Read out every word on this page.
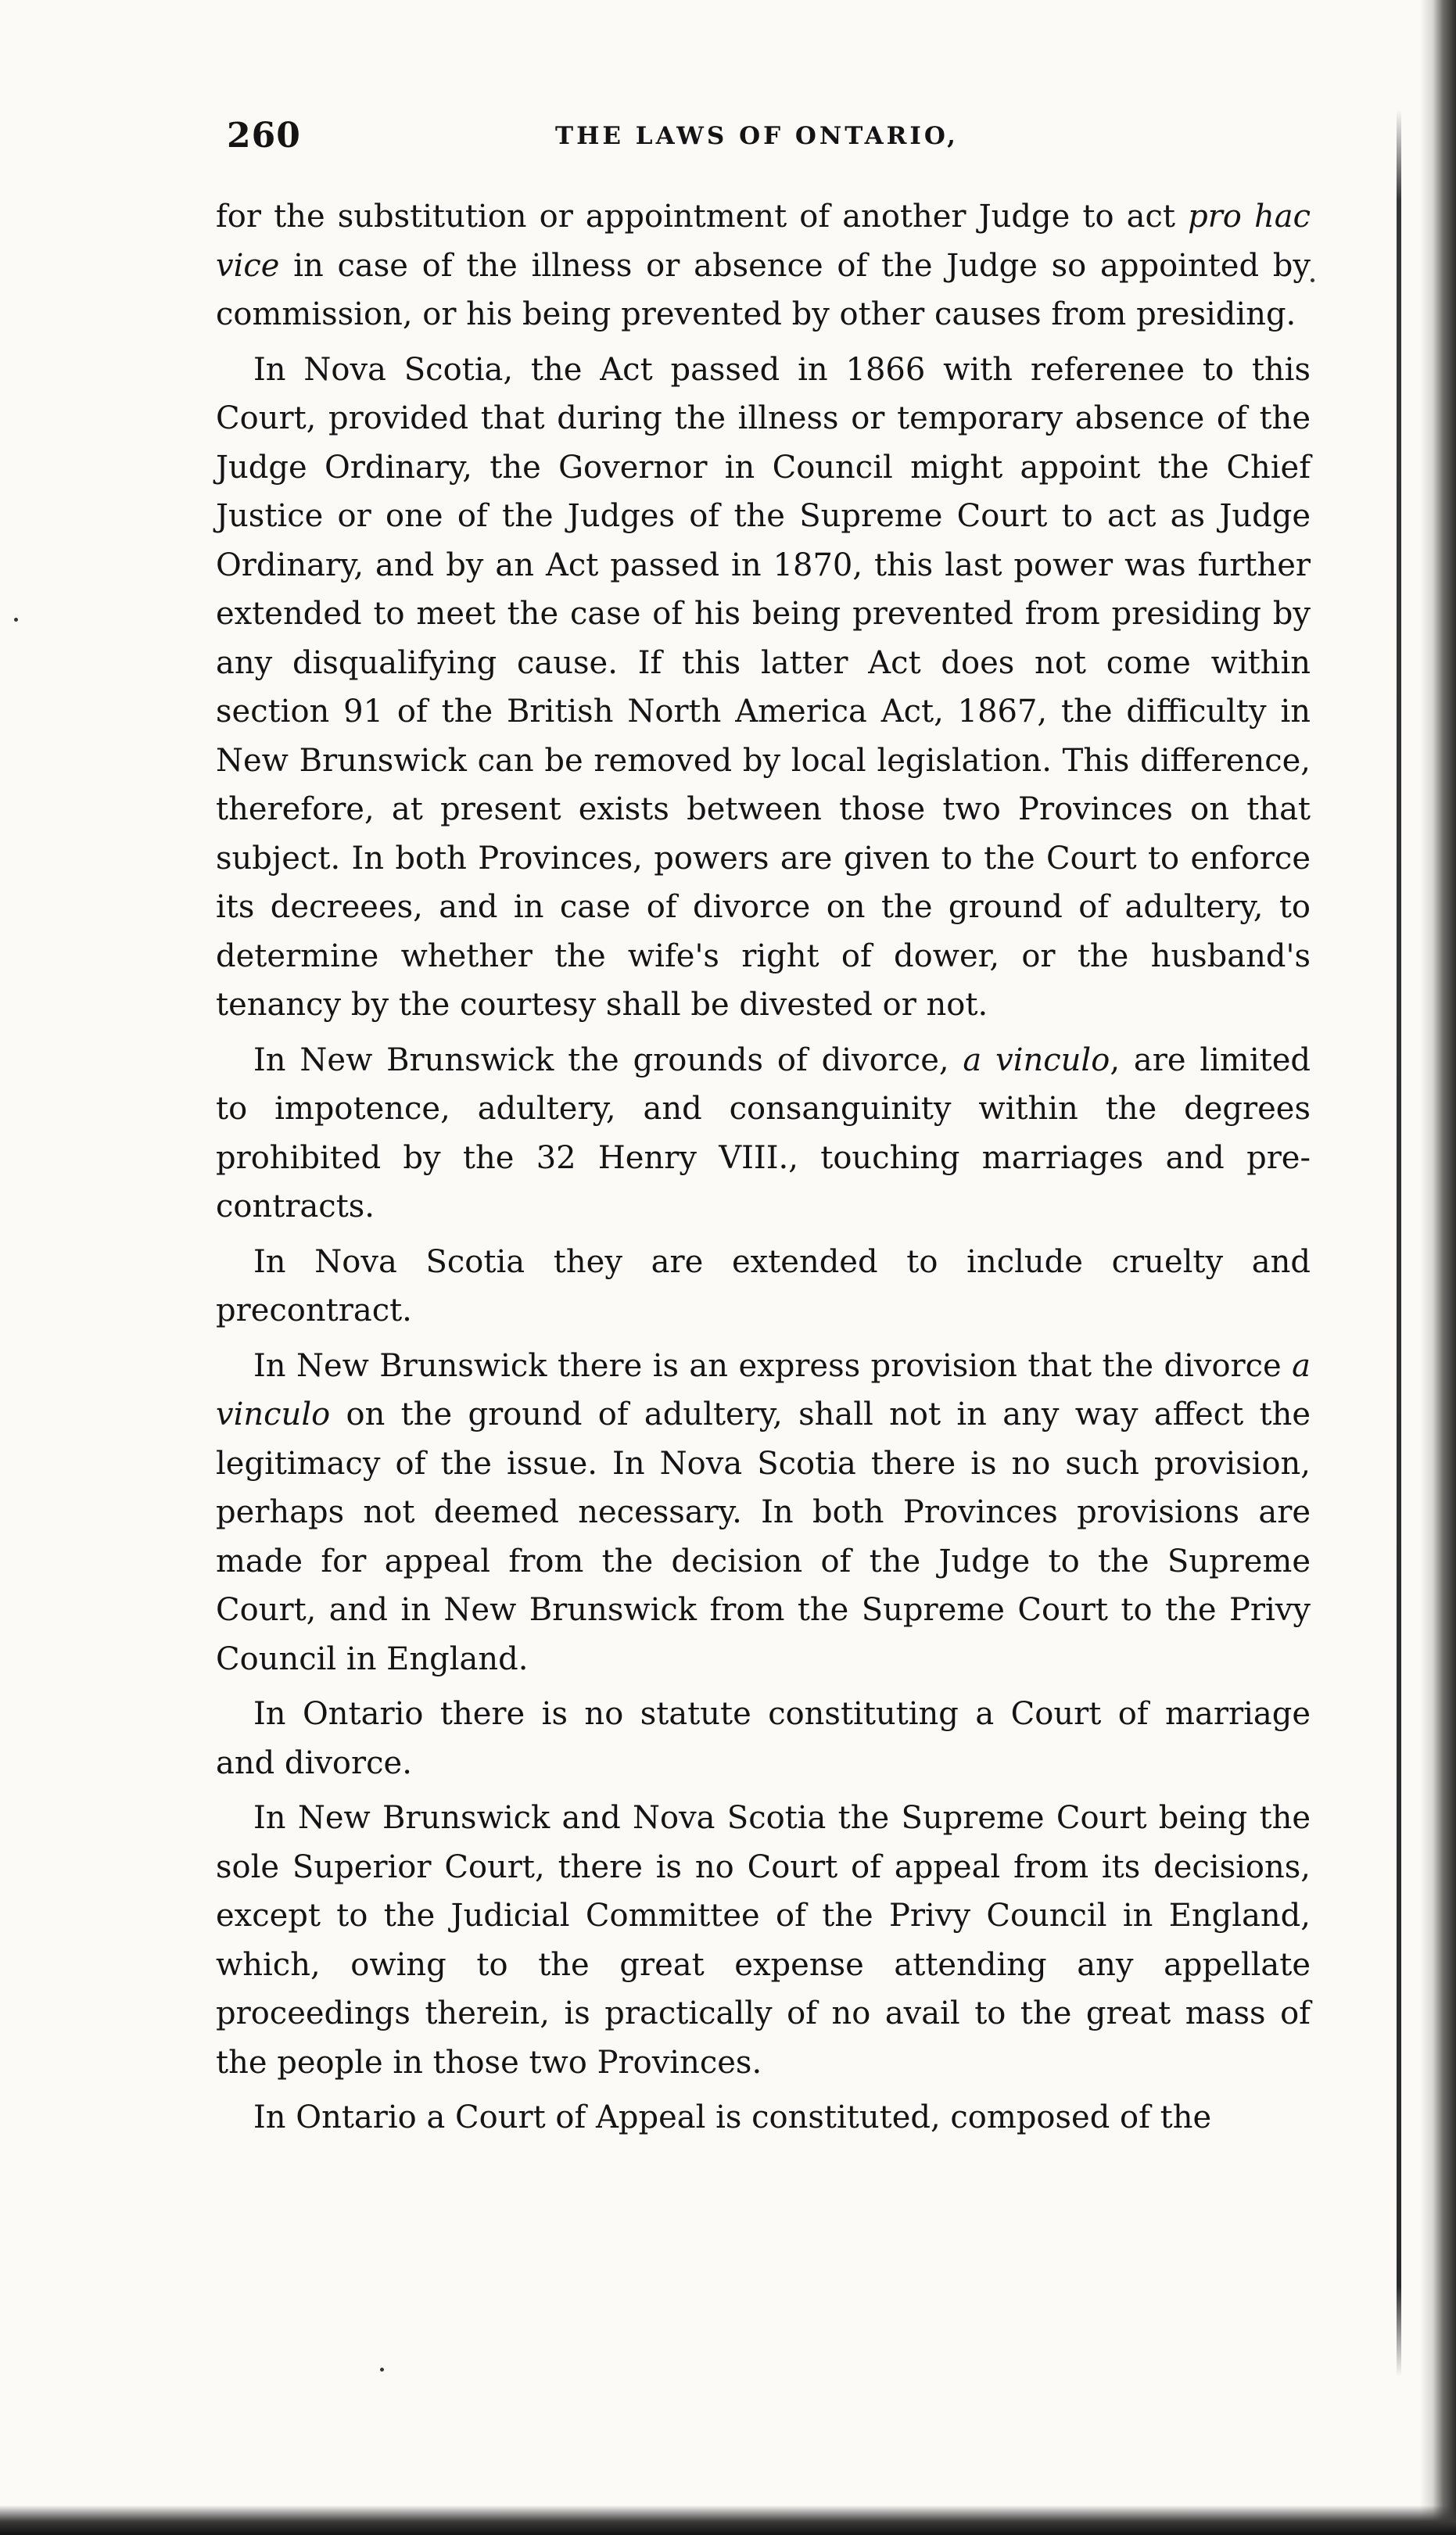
260	THE LAWS OF ONTARIO,

for the substitution or appointment of another Judge to act pro hac vice in case of the illness or absence of the Judge so appointed by commission, or his being prevented by other causes from presiding.

In Nova Scotia, the Act passed in 1866 with referenee to this Court, provided that during the illness or temporary absence of the Judge Ordinary, the Governor in Council might appoint the Chief Justice or one of the Judges of the Supreme Court to act as Judge Ordinary, and by an Act passed in 1870, this last power was further extended to meet the case of his being prevented from presiding by any disqualifying cause. If this latter Act does not come within section 91 of the British North America Act, 1867, the difficulty in New Brunswick can be removed by local legislation. This difference, therefore, at present exists between those two Provinces on that subject. In both Provinces, powers are given to the Court to enforce its decreees, and in case of divorce on the ground of adultery, to determine whether the wife's right of dower, or the husband's tenancy by the courtesy shall be divested or not.

In New Brunswick the grounds of divorce, a vinculo, are limited to impotence, adultery, and consanguinity within the degrees prohibited by the 32 Henry VIII., touching marriages and pre-contracts.

In Nova Scotia they are extended to include cruelty and precontract.

In New Brunswick there is an express provision that the divorce a vinculo on the ground of adultery, shall not in any way affect the legitimacy of the issue. In Nova Scotia there is no such provision, perhaps not deemed necessary. In both Provinces provisions are made for appeal from the decision of the Judge to the Supreme Court, and in New Brunswick from the Supreme Court to the Privy Council in England.

In Ontario there is no statute constituting a Court of marriage and divorce.

In New Brunswick and Nova Scotia the Supreme Court being the sole Superior Court, there is no Court of appeal from its decisions, except to the Judicial Committee of the Privy Council in England, which, owing to the great expense attending any appellate proceedings therein, is practically of no avail to the great mass of the people in those two Provinces.

In Ontario a Court of Appeal is constituted, composed of the
